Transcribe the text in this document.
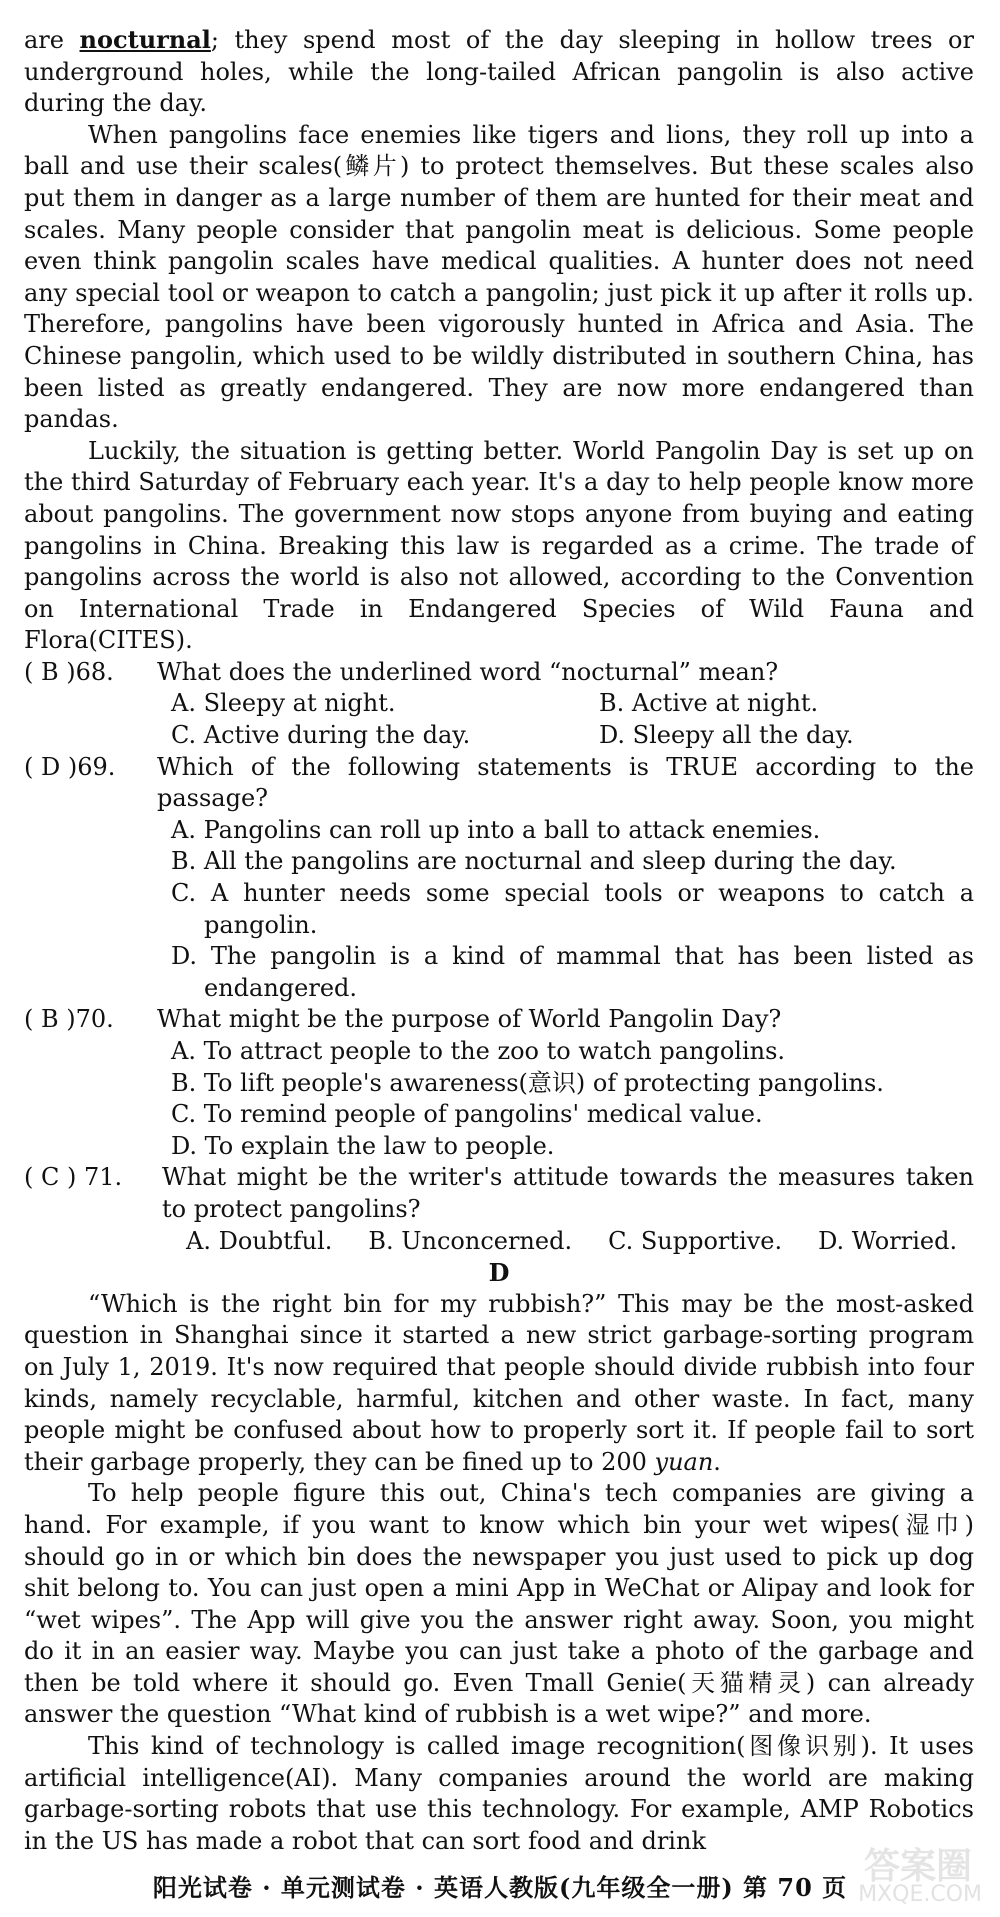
are nocturnal; they spend most of the day sleeping in hollow trees or underground holes, while the long-tailed African pangolin is also active during the day.

When pangolins face enemies like tigers and lions, they roll up into a ball and use their scales(鳞片) to protect themselves. But these scales also put them in danger as a large number of them are hunted for their meat and scales. Many people consider that pangolin meat is delicious. Some people even think pangolin scales have medical qualities. A hunter does not need any special tool or weapon to catch a pangolin; just pick it up after it rolls up. Therefore, pangolins have been vigorously hunted in Africa and Asia. The Chinese pangolin, which used to be wildly distributed in southern China, has been listed as greatly endangered. They are now more endangered than pandas.

Luckily, the situation is getting better. World Pangolin Day is set up on the third Saturday of February each year. It's a day to help people know more about pangolins. The government now stops anyone from buying and eating pangolins in China. Breaking this law is regarded as a crime. The trade of pangolins across the world is also not allowed, according to the Convention on International Trade in Endangered Species of Wild Fauna and Flora(CITES).

( B )68.	What does the underlined word “nocturnal” mean?
A. Sleepy at night.	B. Active at night.
C. Active during the day.	D. Sleepy all the day.
( D )69.	Which of the following statements is TRUE according to the passage?
A. Pangolins can roll up into a ball to attack enemies.
B. All the pangolins are nocturnal and sleep during the day.
C. A hunter needs some special tools or weapons to catch a pangolin.
D. The pangolin is a kind of mammal that has been listed as endangered.
( B )70.	What might be the purpose of World Pangolin Day?
A. To attract people to the zoo to watch pangolins.
B. To lift people's awareness(意识) of protecting pangolins.
C. To remind people of pangolins' medical value.
D. To explain the law to people.
( C ) 71.	What might be the writer's attitude towards the measures taken to protect pangolins?
A. Doubtful. B. Unconcerned. C. Supportive. D. Worried.
D

“Which is the right bin for my rubbish?” This may be the most-asked question in Shanghai since it started a new strict garbage-sorting program on July 1, 2019. It's now required that people should divide rubbish into four kinds, namely recyclable, harmful, kitchen and other waste. In fact, many people might be confused about how to properly sort it. If people fail to sort their garbage properly, they can be fined up to 200 yuan.

To help people figure this out, China's tech companies are giving a hand. For example, if you want to know which bin your wet wipes(湿巾) should go in or which bin does the newspaper you just used to pick up dog shit belong to. You can just open a mini App in WeChat or Alipay and look for “wet wipes”. The App will give you the answer right away. Soon, you might do it in an easier way. Maybe you can just take a photo of the garbage and then be told where it should go. Even Tmall Genie(天猫精灵) can already answer the question “What kind of rubbish is a wet wipe?” and more.

This kind of technology is called image recognition(图像识别). It uses artificial intelligence(AI). Many companies around the world are making garbage-sorting robots that use this technology. For example, AMP Robotics in the US has made a robot that can sort food and drink

阳光试卷 · 单元测试卷 · 英语人教版(九年级全一册) 第 70 页
答案圈
MXQE.COM
